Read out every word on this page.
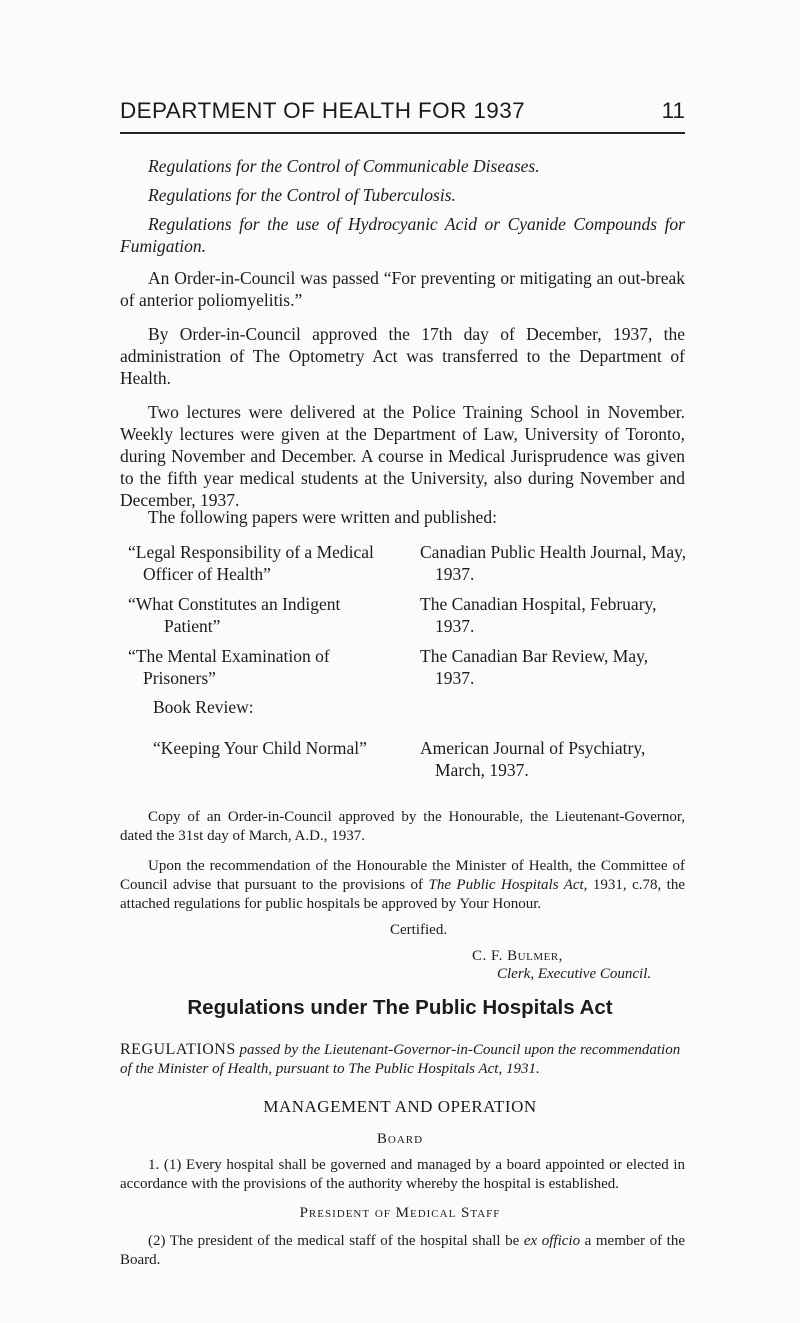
DEPARTMENT OF HEALTH FOR 1937	11
Regulations for the Control of Communicable Diseases.
Regulations for the Control of Tuberculosis.
Regulations for the use of Hydrocyanic Acid or Cyanide Compounds for Fumigation.
An Order-in-Council was passed “For preventing or mitigating an out-break of anterior poliomyelitis.”
By Order-in-Council approved the 17th day of December, 1937, the administration of The Optometry Act was transferred to the Department of Health.
Two lectures were delivered at the Police Training School in November. Weekly lectures were given at the Department of Law, University of Toronto, during November and December. A course in Medical Jurisprudence was given to the fifth year medical students at the University, also during November and December, 1937.
The following papers were written and published:
“Legal Responsibility of a Medical
Officer of Health”
Canadian Public Health Journal, May,
1937.
“What Constitutes an Indigent
Patient”
The Canadian Hospital, February,
1937.
“The Mental Examination of
Prisoners”
The Canadian Bar Review, May,
1937.
Book Review:
“Keeping Your Child Normal”	American Journal of Psychiatry,
March, 1937.
Copy of an Order-in-Council approved by the Honourable, the Lieutenant-Governor, dated the 31st day of March, A.D., 1937.
Upon the recommendation of the Honourable the Minister of Health, the Committee of Council advise that pursuant to the provisions of The Public Hospitals Act, 1931, c.78, the attached regulations for public hospitals be approved by Your Honour.
Certified.
C. F. Bulmer,
Clerk, Executive Council.
Regulations under The Public Hospitals Act
REGULATIONS passed by the Lieutenant-Governor-in-Council upon the recommendation of the Minister of Health, pursuant to The Public Hospitals Act, 1931.
MANAGEMENT AND OPERATION
Board
1. (1) Every hospital shall be governed and managed by a board appointed or elected in accordance with the provisions of the authority whereby the hospital is established.
President of Medical Staff
(2) The president of the medical staff of the hospital shall be ex officio a member of the Board.
